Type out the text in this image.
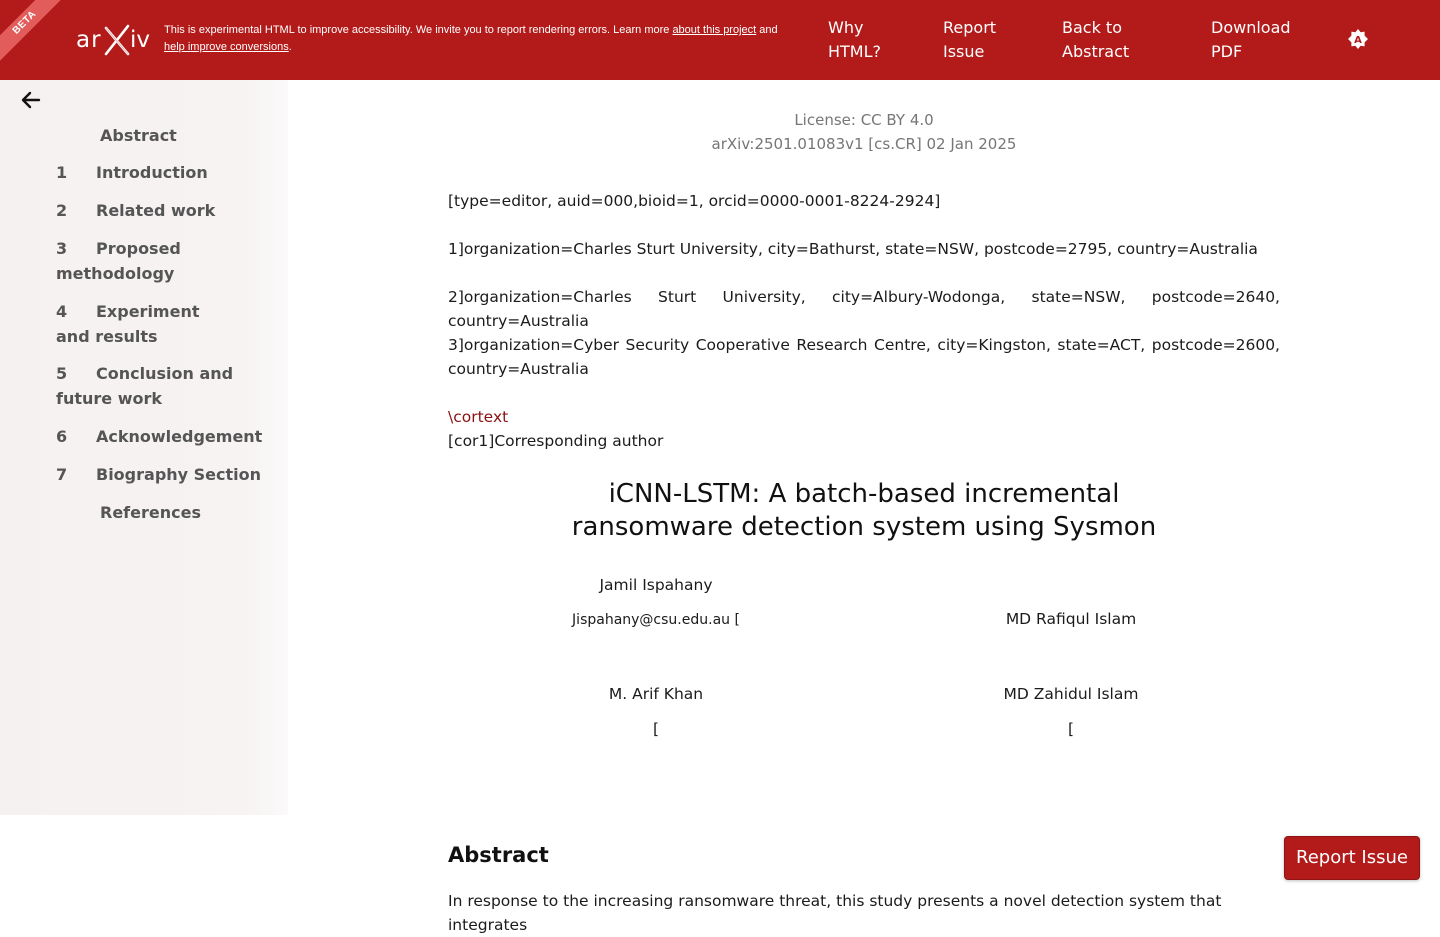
BETA
ar iv This is experimental HTML to improve accessibility. We invite you to report rendering errors. Learn more about this project and
help improve conversions.
Why
HTML?
Report
Issue
Back to
Abstract
Download
PDF
A
Abstract
1 Introduction
2 Related work
3 Proposed methodology
4 Experiment and results
5 Conclusion and future work
6 Acknowledgement
7 Biography Section
References
License: CC BY 4.0
arXiv:2501.01083v1 [cs.CR] 02 Jan 2025
[type=editor, auid=000,bioid=1, orcid=0000-0001-8224-2924]
1]organization=Charles Sturt University, city=Bathurst, state=NSW, postcode=2795, country=Australia
2]organization=Charles Sturt University, city=Albury-Wodonga, state=NSW, postcode=2640, country=Australia
3]organization=Cyber Security Cooperative Research Centre, city=Kingston, state=ACT, postcode=2600, country=Australia
\cortext
[cor1]Corresponding author
iCNN-LSTM: A batch-based incremental
ransomware detection system using Sysmon
Jamil Ispahany
Jispahany@csu.edu.au [	MD Rafiqul Islam
M. Arif Khan
[
MD Zahidul Islam
[
Abstract
In response to the increasing ransomware threat, this study presents a novel detection system that integrates
Report Issue
